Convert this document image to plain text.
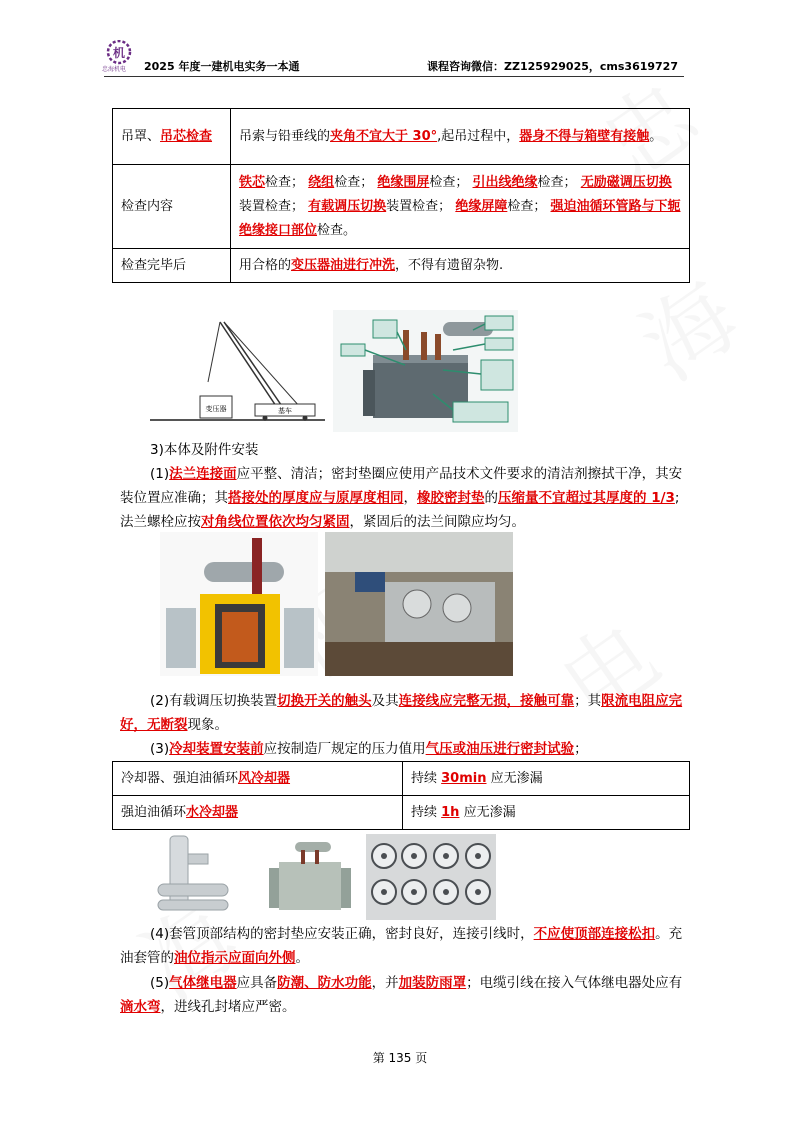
机
忠海机电 2025 年度一建机电实务一本通	课程咨询微信：ZZ125929025，cms3619727
吊罩、吊芯检查	吊索与铅垂线的夹角不宜大于 30°,起吊过程中，器身不得与箱壁有接触。
检查内容	铁芯检查； 绕组检查； 绝缘围屏检查； 引出线绝缘检查； 无励磁调压切换装置检查； 有载调压切换装置检查； 绝缘屏障检查； 强迫油循环管路与下轭绝缘接口部位检查。
检查完毕后	用合格的变压器油进行冲洗，不得有遗留杂物.
变压器	基车
3)本体及附件安装
(1)法兰连接面应平整、清洁；密封垫圈应使用产品技术文件要求的清洁剂擦拭干净，其安装位置应准确；其搭接处的厚度应与原厚度相同，橡胶密封垫的压缩量不宜超过其厚度的 1/3;法兰螺栓应按对角线位置依次均匀紧固，紧固后的法兰间隙应均匀。
(2)有载调压切换装置切换开关的触头及其连接线应完整无损，接触可靠；其限流电阻应完好，无断裂现象。
(3)冷却装置安装前应按制造厂规定的压力值用气压或油压进行密封试验；
冷却器、强迫油循环风冷却器	持续 30min 应无渗漏
强迫油循环水冷却器	持续 1h 应无渗漏
(4)套管顶部结构的密封垫应安装正确，密封良好，连接引线时，不应使顶部连接松扣。充油套管的油位指示应面向外侧。
(5)气体继电器应具备防潮、防水功能，并加装防雨罩；电缆引线在接入气体继电器处应有滴水弯，进线孔封堵应严密。
第 135 页
